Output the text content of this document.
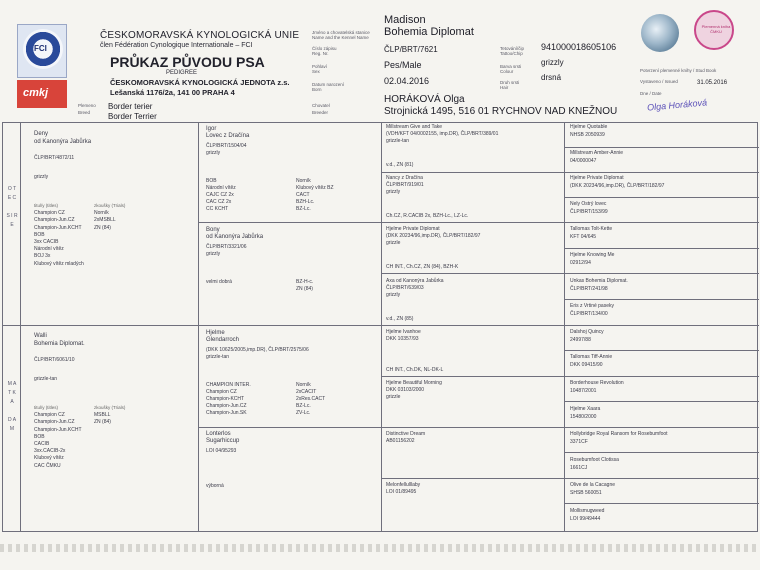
FCI
cmkj
ČESKOMORAVSKÁ KYNOLOGICKÁ UNIE
člen Fédération Cynologique Internationale – FCI
PRŮKAZ PŮVODU PSA
PEDIGREE
ČESKOMORAVSKÁ KYNOLOGICKÁ JEDNOTA z.s.
Lešanská 1176/2a, 141 00 PRAHA 4
Plemeno
Breed
Border terier
Border Terrier
Jméno a chovatelská stanice
Name and the Kennel Name
Číslo zápisu
Reg. Nr.
Pohlaví
Sex
Datum narození
Born
Chovatel
Breeder
Madison
Bohemia Diplomat
ČLP/BRT/7621
Pes/Male
02.04.2016
HORÁKOVÁ Olga
Strojnická 1495, 516 01 RYCHNOV NAD KNEŽNOU
Tetování/čip
Tattoo/Chip
Barva srsti
Colour
Druh srsti
Hair
941000018605106
grizzly
drsná
Plemenná kniha ČMKU
Potvrzení plemenné knihy / Stud Book
Vystaveno / Issued	31.05.2016
Dne / Date
Olga Horáková
O T E C

S I R E
M A T K A

D A M
Deny
od Kanonýra Jabůrka
ČLP/BRT/4872/11
grizzly
titul/y (titles)
Champion CZ
Champion-Jun.CZ
Champion-Jun.KCHT
BOB
3xx CACIB
Národní vítěz
BOJ 3x
Klubový vítěz mladých
zkoušky (Trials)
Norník
2xMSBLL
ZN (84)
Walli
Bohemia Diplomat.
ČLP/BRT/6061/10
grizzle-tan
titul/y (titles)
Champion CZ
Champion-Jun.CZ
Champion-Jun.KCHT
BOB
CACIB
3xx.CACIB-2x
Klubový vítěz
CAC ČMKU
zkoušky (Trials)
MSBLL
ZN (84)
Igor
Lovec z Dračína
ČLP/BRT/1504/04
grizzly
BOB
Národní vítěz
CAJC CZ 2x
CAC CZ 2x
CC KCHT
Norník
Klubový vítěz BZ
CACT
BZH-Lc.
BZ-Lc.
Bony
od Kanonýra Jabůrka
ČLP/BRT/3321/06
grizzly
velmi dobrá	BZ-H-c.
ZN (84)
Hjelme
Glendarroch
(DKK 10625/2005,imp.DR), ČLP/BRT/2575/06
grizzle-tan
CHAMPION INTER.
Champion CZ
Champion-KCHT
Champion-Jun.CZ
Champion-Jun.SK
Norník
2xCACIT
2xRes.CACT
BZ-Lc.
ZV-Lc.
Lonterlos
Sugarhiccup
LOI 04/95293
výborná
Millstream Give and Take
(VDH/KFT 04/0002155, imp.DR), ČLP/BRT/389/01
grizzle-tan
v.d., ZN (81)
Nancy z Dračína
ČLP/BRT/919/01
grizzly
Ch.CZ, R.CACIB 2x, BZH-Lc., LZ-Lc.
Hjelme Private Diplomat
(DKK 20234/96,imp.DR), ČLP/BRT/182/97
grizzle
CH INT., Ch.CZ, ZN (84), BZH-K
Axa od Kanonýra Jabůrka
ČLP/BRT/639/03
grizzly
v.d., ZN (85)
Hjelme Ivanhoe
DKK 10357/93
CH INT., Ch.DK, NL-DK-L
Hjelme Beautiful Morning
DKK 03103/2000
grizzle
Distinctive Dream
AB01156202
Melonfellulllaby
LOI 01/89495
Hjelme Quotable
NHSB 2050939
Millstream Amber-Annie
04/0000047
Hjelme Private Diplomat
(DKK 20234/96,imp.DR), ČLP/BRT/182/97
Nely Ostrý lovec
ČLP/BRT/153/99
Tallomas Tolt-Kette
KFT 04/645
Hjelme Knowing Me
02912/94
Unkas Bohemia Diplomat.
ČLP/BRT/241/98
Eris z Vrtiné paseky
ČLP/BRT/134/00
Dalshoj Quincy
24997/88
Tallomas Tiff-Annie
DKK 09415/90
Borderhouse Revolution
10487/2001
Hjelme Xaara
15480/2000
Hollybridge Royal Ransom for Rosebumfoot
3371CF
Rosebumfoot Clotissa
1661CJ
Olive de la Cacagne
SHSB 560051
Mollismugweed
LOI 99/49444
